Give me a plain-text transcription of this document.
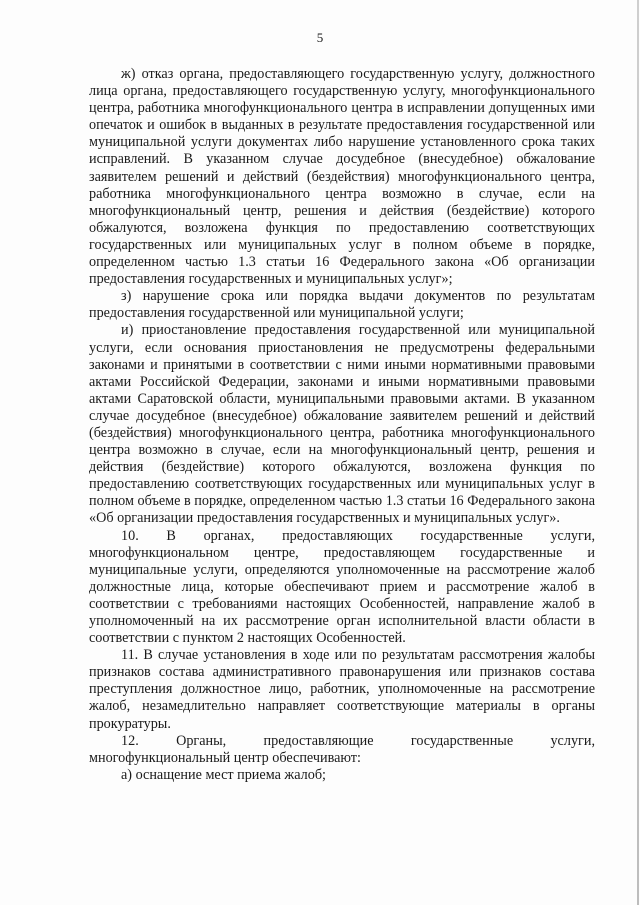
5

ж) отказ органа, предоставляющего государственную услугу, должностного лица органа, предоставляющего государственную услугу, многофункционального центра, работника многофункционального центра в исправлении допущенных ими опечаток и ошибок в выданных в результате предоставления государственной или муниципальной услуги документах либо нарушение установленного срока таких исправлений. В указанном случае досудебное (внесудебное) обжалование заявителем решений и действий (бездействия) многофункционального центра, работника многофункционального центра возможно в случае, если на многофункциональный центр, решения и действия (бездействие) которого обжалуются, возложена функция по предоставлению соответствующих государственных или муниципальных услуг в полном объеме в порядке, определенном частью 1.3 статьи 16 Федерального закона «Об организации предоставления государственных и муниципальных услуг»;

з) нарушение срока или порядка выдачи документов по результатам предоставления государственной или муниципальной услуги;

и) приостановление предоставления государственной или муниципальной услуги, если основания приостановления не предусмотрены федеральными законами и принятыми в соответствии с ними иными нормативными правовыми актами Российской Федерации, законами и иными нормативными правовыми актами Саратовской области, муниципальными правовыми актами. В указанном случае досудебное (внесудебное) обжалование заявителем решений и действий (бездействия) многофункционального центра, работника многофункционального центра возможно в случае, если на многофункциональный центр, решения и действия (бездействие) которого обжалуются, возложена функция по предоставлению соответствующих государственных или муниципальных услуг в полном объеме в порядке, определенном частью 1.3 статьи 16 Федерального закона «Об организации предоставления государственных и муниципальных услуг».

10. В органах, предоставляющих государственные услуги, многофункциональном центре, предоставляющем государственные и муниципальные услуги, определяются уполномоченные на рассмотрение жалоб должностные лица, которые обеспечивают прием и рассмотрение жалоб в соответствии с требованиями настоящих Особенностей, направление жалоб в уполномоченный на их рассмотрение орган исполнительной власти области в соответствии с пунктом 2 настоящих Особенностей.

11. В случае установления в ходе или по результатам рассмотрения жалобы признаков состава административного правонарушения или признаков состава преступления должностное лицо, работник, уполномоченные на рассмотрение жалоб, незамедлительно направляет соответствующие материалы в органы прокуратуры.

12. Органы, предоставляющие государственные услуги, многофункциональный центр обеспечивают:

а) оснащение мест приема жалоб;
